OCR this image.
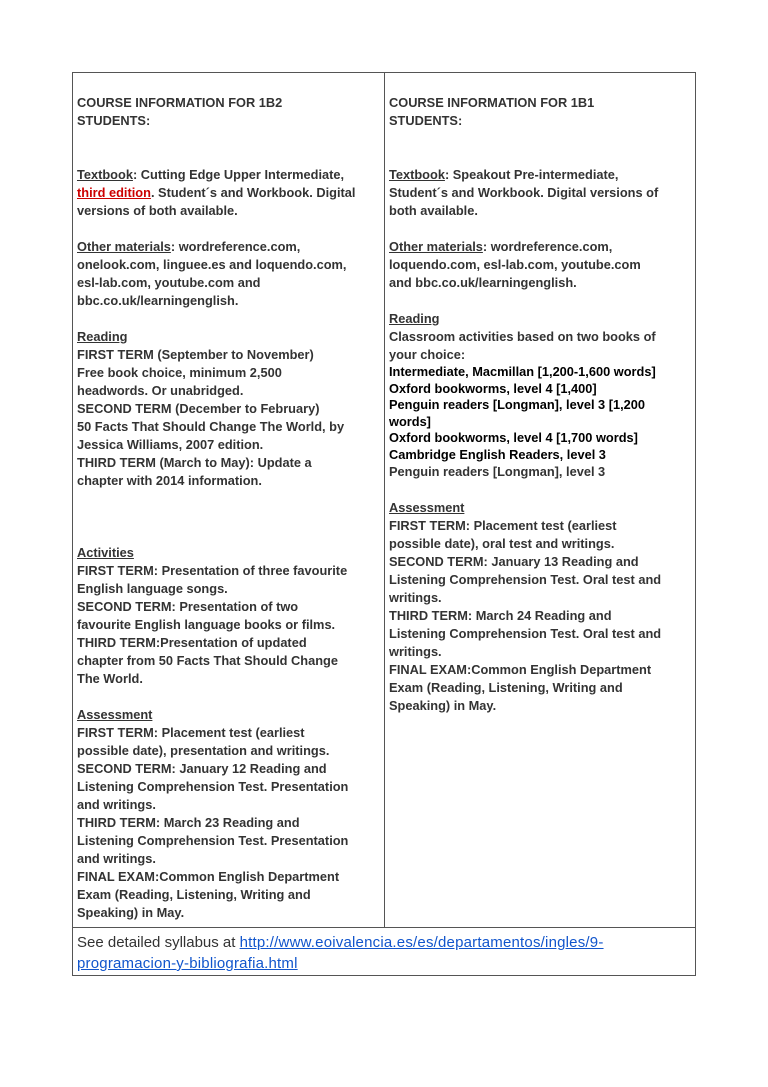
COURSE INFORMATION FOR 1B2
STUDENTS:
Textbook: Cutting Edge Upper Intermediate,
third edition. Student´s and Workbook. Digital
versions of both available.
Other materials: wordreference.com,
onelook.com, linguee.es and loquendo.com,
esl-lab.com, youtube.com and
bbc.co.uk/learningenglish.
Reading
FIRST TERM (September to November)
Free book choice, minimum 2,500
headwords. Or unabridged.
SECOND TERM (December to February)
50 Facts That Should Change The World, by
Jessica Williams, 2007 edition.
THIRD TERM (March to May): Update a
chapter with 2014 information.
Activities
FIRST TERM: Presentation of three favourite
English language songs.
SECOND TERM: Presentation of two
favourite English language books or films.
THIRD TERM:Presentation of updated
chapter from 50 Facts That Should Change
The World.
Assessment
FIRST TERM: Placement test (earliest
possible date), presentation and writings.
SECOND TERM: January 12 Reading and
Listening Comprehension Test. Presentation
and writings.
THIRD TERM: March 23 Reading and
Listening Comprehension Test. Presentation
and writings.
FINAL EXAM:Common English Department
Exam (Reading, Listening, Writing and
Speaking) in May.
COURSE INFORMATION FOR 1B1
STUDENTS:
Textbook: Speakout Pre-intermediate,
Student´s and Workbook. Digital versions of
both available.
Other materials: wordreference.com,
loquendo.com, esl-lab.com, youtube.com
and bbc.co.uk/learningenglish.
Reading
Classroom activities based on two books of
your choice:
Intermediate, Macmillan [1,200-1,600 words]
Oxford bookworms, level 4 [1,400]
Penguin readers [Longman], level 3 [1,200
words]
Oxford bookworms, level 4 [1,700 words]
Cambridge English Readers, level 3
Penguin readers [Longman], level 3
Assessment
FIRST TERM: Placement test (earliest
possible date), oral test and writings.
SECOND TERM: January 13 Reading and
Listening Comprehension Test. Oral test and
writings.
THIRD TERM: March 24 Reading and
Listening Comprehension Test. Oral test and
writings.
FINAL EXAM:Common English Department
Exam (Reading, Listening, Writing and
Speaking) in May.
See detailed syllabus at http://www.eoivalencia.es/es/departamentos/ingles/9-
programacion-y-bibliografia.html
